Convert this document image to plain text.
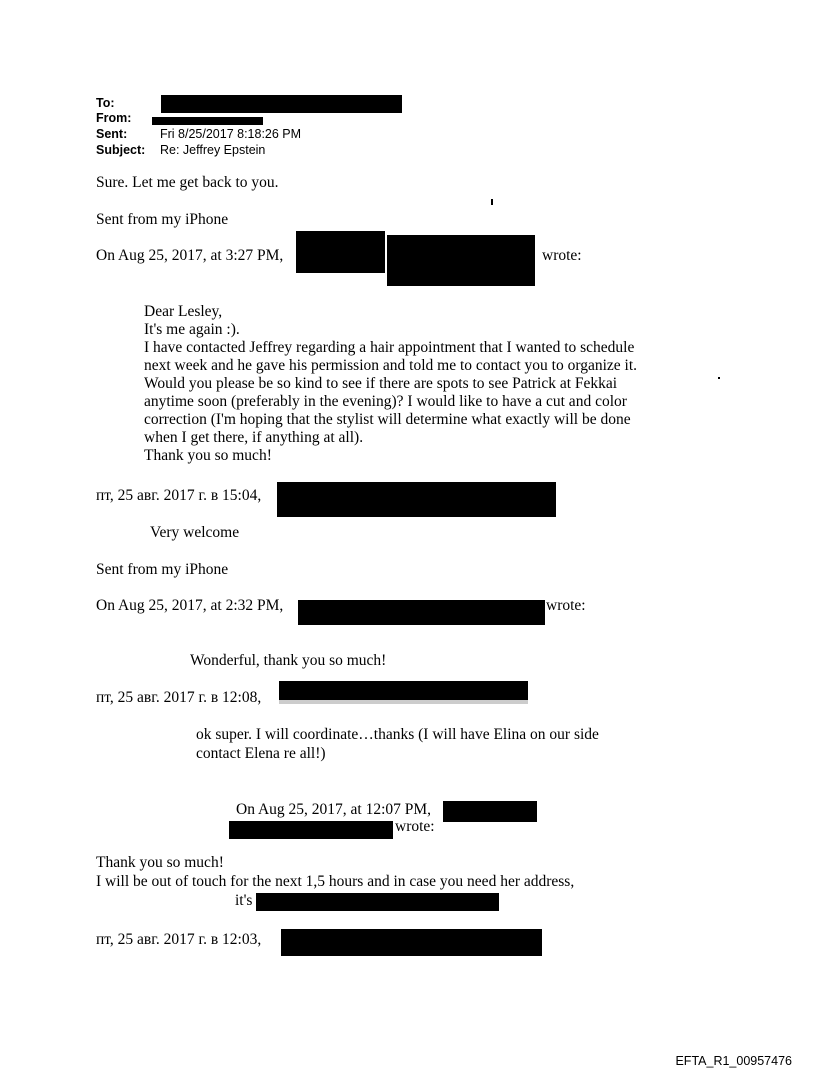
To:
From:
Sent:	Fri 8/25/2017 8:18:26 PM
Subject: Re: Jeffrey Epstein
Sure. Let me get back to you.
Sent from my iPhone
On Aug 25, 2017, at 3:27 PM,	wrote:
Dear Lesley,
It's me again :).
I have contacted Jeffrey regarding a hair appointment that I wanted to schedule
next week and he gave his permission and told me to contact you to organize it.
Would you please be so kind to see if there are spots to see Patrick at Fekkai
anytime soon (preferably in the evening)? I would like to have a cut and color
correction (I'm hoping that the stylist will determine what exactly will be done
when I get there, if anything at all).
Thank you so much!
пт, 25 авг. 2017 г. в 15:04,
Very welcome
Sent from my iPhone
On Aug 25, 2017, at 2:32 PM,	wrote:
Wonderful, thank you so much!
пт, 25 авг. 2017 г. в 12:08,
ok super. I will coordinate…thanks (I will have Elina on our side
contact Elena re all!)
On Aug 25, 2017, at 12:07 PM,
wrote:
Thank you so much!
I will be out of touch for the next 1,5 hours and in case you need her address,
it's
пт, 25 авг. 2017 г. в 12:03,
EFTA_R1_00957476
